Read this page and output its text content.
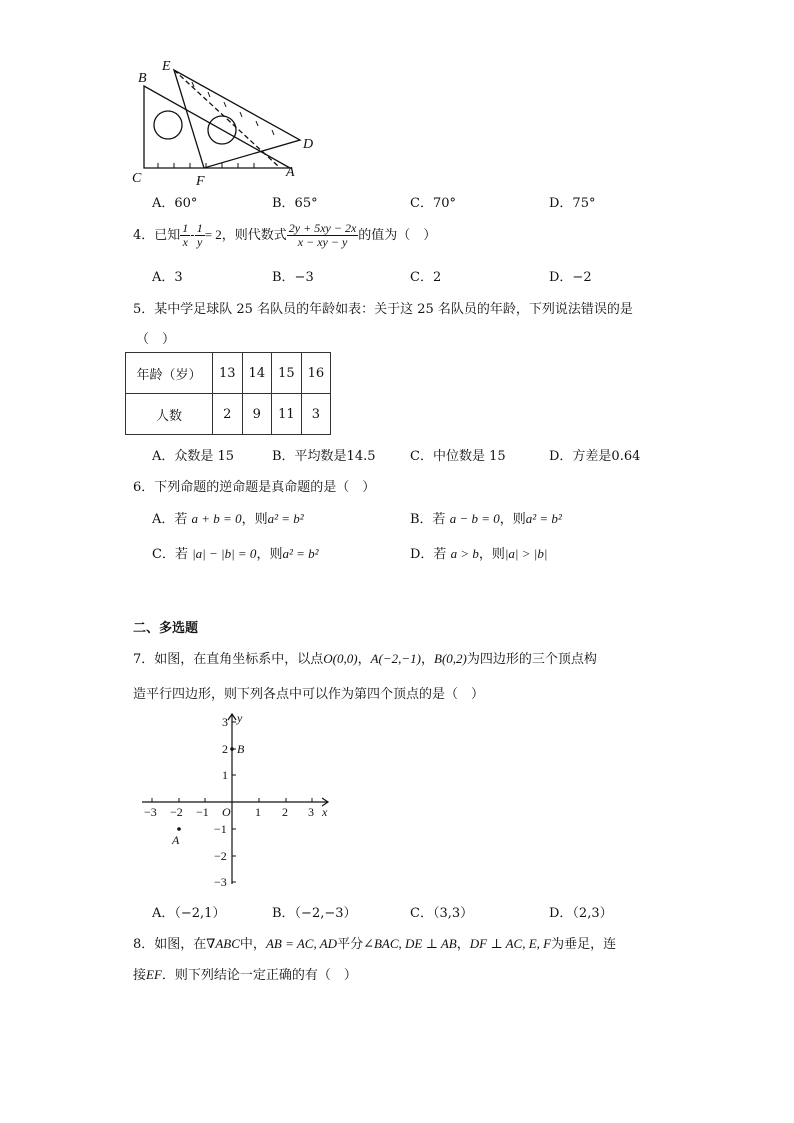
B
E
C	F
A
D
A．60°	B．65°	C．70°	D．75°
4．已知 $\frac{1}{x} - \frac{1}{y} = 2$，则代数式 $\frac{2y + 5xy - 2x}{x - xy - y}$ 的值为（　）
A．3	B．−3	C．2	D．−2
5．某中学足球队 25 名队员的年龄如表：关于这 25 名队员的年龄，下列说法错误的是
（　）
年龄（岁）	13	14	15	16
人数	2	9	11	3
A．众数是 15	B．平均数是14.5	C．中位数是 15	D．方差是0.64
6．下列命题的逆命题是真命题的是（　）
A．若 a + b = 0，则a² = b²	B．若 a − b = 0，则a² = b²
C．若 |a| − |b| = 0，则a² = b²	D．若 a > b，则|a| > |b|
二、多选题
7．如图，在直角坐标系中，以点O(0,0)，A(−2,−1)，B(0,2)为四边形的三个顶点构
造平行四边形，则下列各点中可以作为第四个顶点的是（　）
−3 −2 −1	1 2 3
3
2
1
−1
−2
−3
O	x
y
B
A
A．（−2,1）	B．（−2,−3）	C．（3,3）	D．（2,3）
8．如图，在∇ABC中，AB = AC, AD平分∠BAC, DE ⊥ AB，DF ⊥ AC, E, F为垂足，连
接EF．则下列结论一定正确的有（　）
